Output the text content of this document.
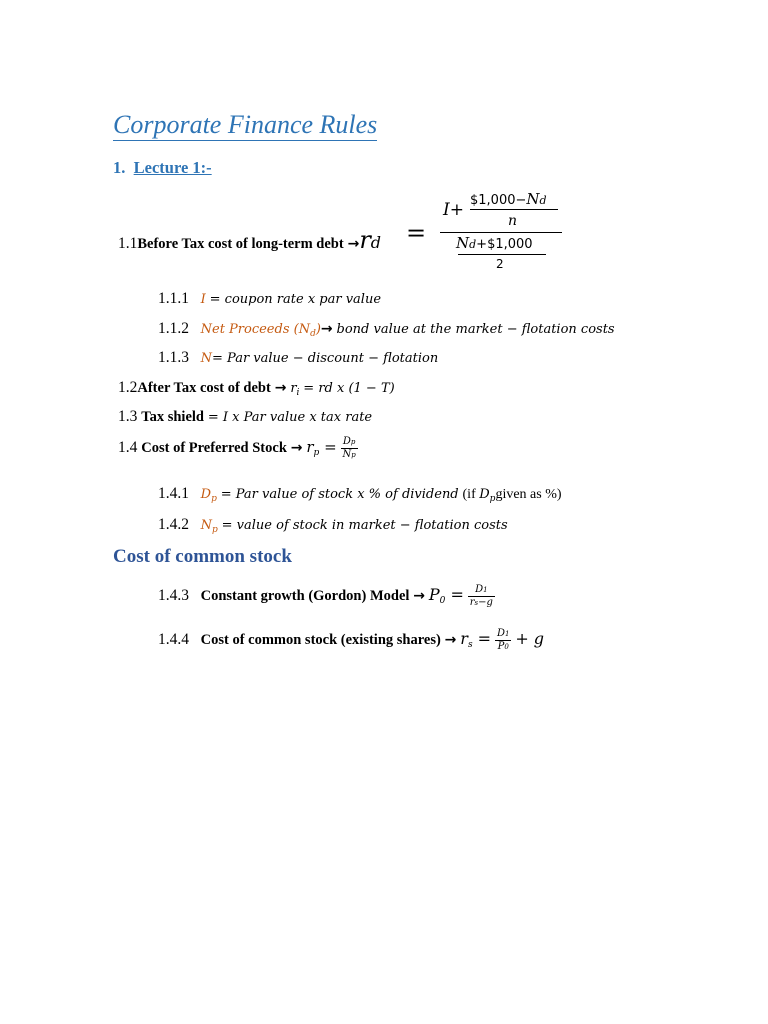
Corporate Finance Rules
1. Lecture 1:-
1.1Before Tax cost of long-term debt →rd =
I+ $1,000−Nd
n
Nd+$1,000
2
1.1.1 I = coupon rate x par value
1.1.2 Net Proceeds $(N_d)\to$ bond value at the market − flotation costs
1.1.3 N= Par value − discount − flotation
1.2After Tax cost of debt → $r_i$ = rd x (1 − T)
1.3 Tax shield = I x Par value x tax rate
1.4 Cost of Preferred Stock → $r_p = \frac{Dp}{Np}$
1.4.1 $D_p$ = Par value of stock x % of dividend (if $D_pgiven$ as %)
1.4.2 $N_p$ = value of stock in market − flotation costs
Cost of common stock
1.4.3 Constant growth (Gordon) Model → $P_0 = \frac{D1}{rs-g}$
1.4.4 Cost of common stock (existing shares) → $r_s = \frac{D1}{P0} + g$
